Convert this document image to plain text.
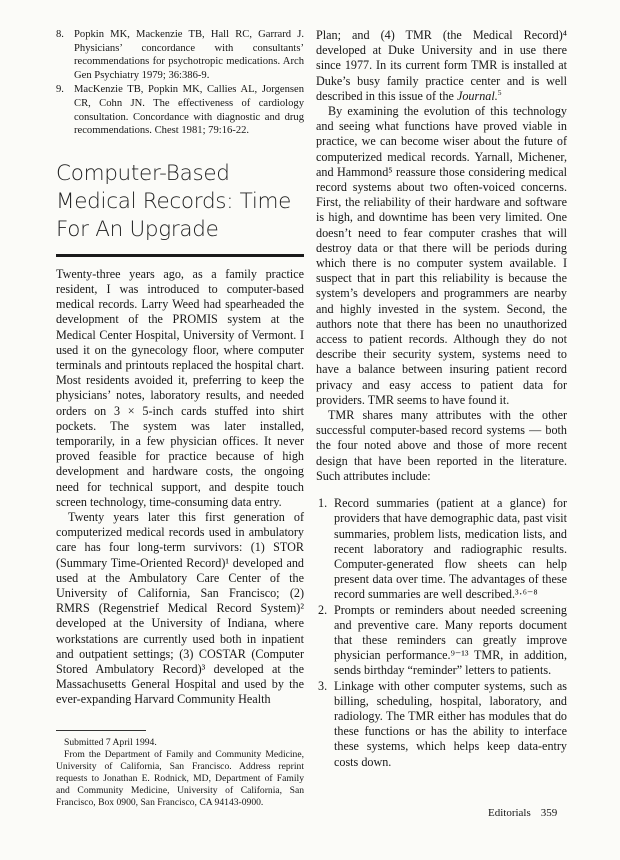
8. Popkin MK, Mackenzie TB, Hall RC, Garrard J. Physicians’ concordance with consultants’ recommendations for psychotropic medications. Arch Gen Psychiatry 1979; 36:386-9.
9. MacKenzie TB, Popkin MK, Callies AL, Jorgensen CR, Cohn JN. The effectiveness of cardiology consultation. Concordance with diagnostic and drug recommendations. Chest 1981; 79:16-22.
Computer-Based Medical Records: Time For An Upgrade

Twenty-three years ago, as a family practice resident, I was introduced to computer-based medical records. Larry Weed had spearheaded the development of the PROMIS system at the Medical Center Hospital, University of Vermont. I used it on the gynecology floor, where computer terminals and printouts replaced the hospital chart. Most residents avoided it, preferring to keep the physicians’ notes, laboratory results, and needed orders on 3 × 5-inch cards stuffed into shirt pockets. The system was later installed, temporarily, in a few physician offices. It never proved feasible for practice because of high development and hardware costs, the ongoing need for technical support, and despite touch screen technology, time-consuming data entry.

Twenty years later this first generation of computerized medical records used in ambulatory care has four long-term survivors: (1) STOR (Summary Time-Oriented Record)¹ developed and used at the Ambulatory Care Center of the University of California, San Francisco; (2) RMRS (Regenstrief Medical Record System)² developed at the University of Indiana, where workstations are currently used both in inpatient and outpatient settings; (3) COSTAR (Computer Stored Ambulatory Record)³ developed at the Massachusetts General Hospital and used by the ever-expanding Harvard Community Health

Submitted 7 April 1994.

From the Department of Family and Community Medicine, University of California, San Francisco. Address reprint requests to Jonathan E. Rodnick, MD, Department of Family and Community Medicine, University of California, San Francisco, Box 0900, San Francisco, CA 94143-0900.

Plan; and (4) TMR (the Medical Record)⁴ developed at Duke University and in use there since 1977. In its current form TMR is installed at Duke’s busy family practice center and is well described in this issue of the Journal.$^5$

By examining the evolution of this technology and seeing what functions have proved viable in practice, we can become wiser about the future of computerized medical records. Yarnall, Michener, and Hammond⁵ reassure those considering medical record systems about two often-voiced concerns. First, the reliability of their hardware and software is high, and downtime has been very limited. One doesn’t need to fear computer crashes that will destroy data or that there will be periods during which there is no computer system available. I suspect that in part this reliability is because the system’s developers and programmers are nearby and highly invested in the system. Second, the authors note that there has been no unauthorized access to patient records. Although they do not describe their security system, systems need to have a balance between insuring patient record privacy and easy access to patient data for providers. TMR seems to have found it.

TMR shares many attributes with the other successful computer-based record systems — both the four noted above and those of more recent design that have been reported in the literature. Such attributes include:

1. Record summaries (patient at a glance) for providers that have demographic data, past visit summaries, problem lists, medication lists, and recent laboratory and radiographic results. Computer-generated flow sheets can help present data over time. The advantages of these record summaries are well described.³·⁶⁻⁸
2. Prompts or reminders about needed screening and preventive care. Many reports document that these reminders can greatly improve physician performance.⁹⁻¹³ TMR, in addition, sends birthday “reminder” letters to patients.
3. Linkage with other computer systems, such as billing, scheduling, hospital, laboratory, and radiology. The TMR either has modules that do these functions or has the ability to interface these systems, which helps keep data-entry costs down.
Editorials 359
